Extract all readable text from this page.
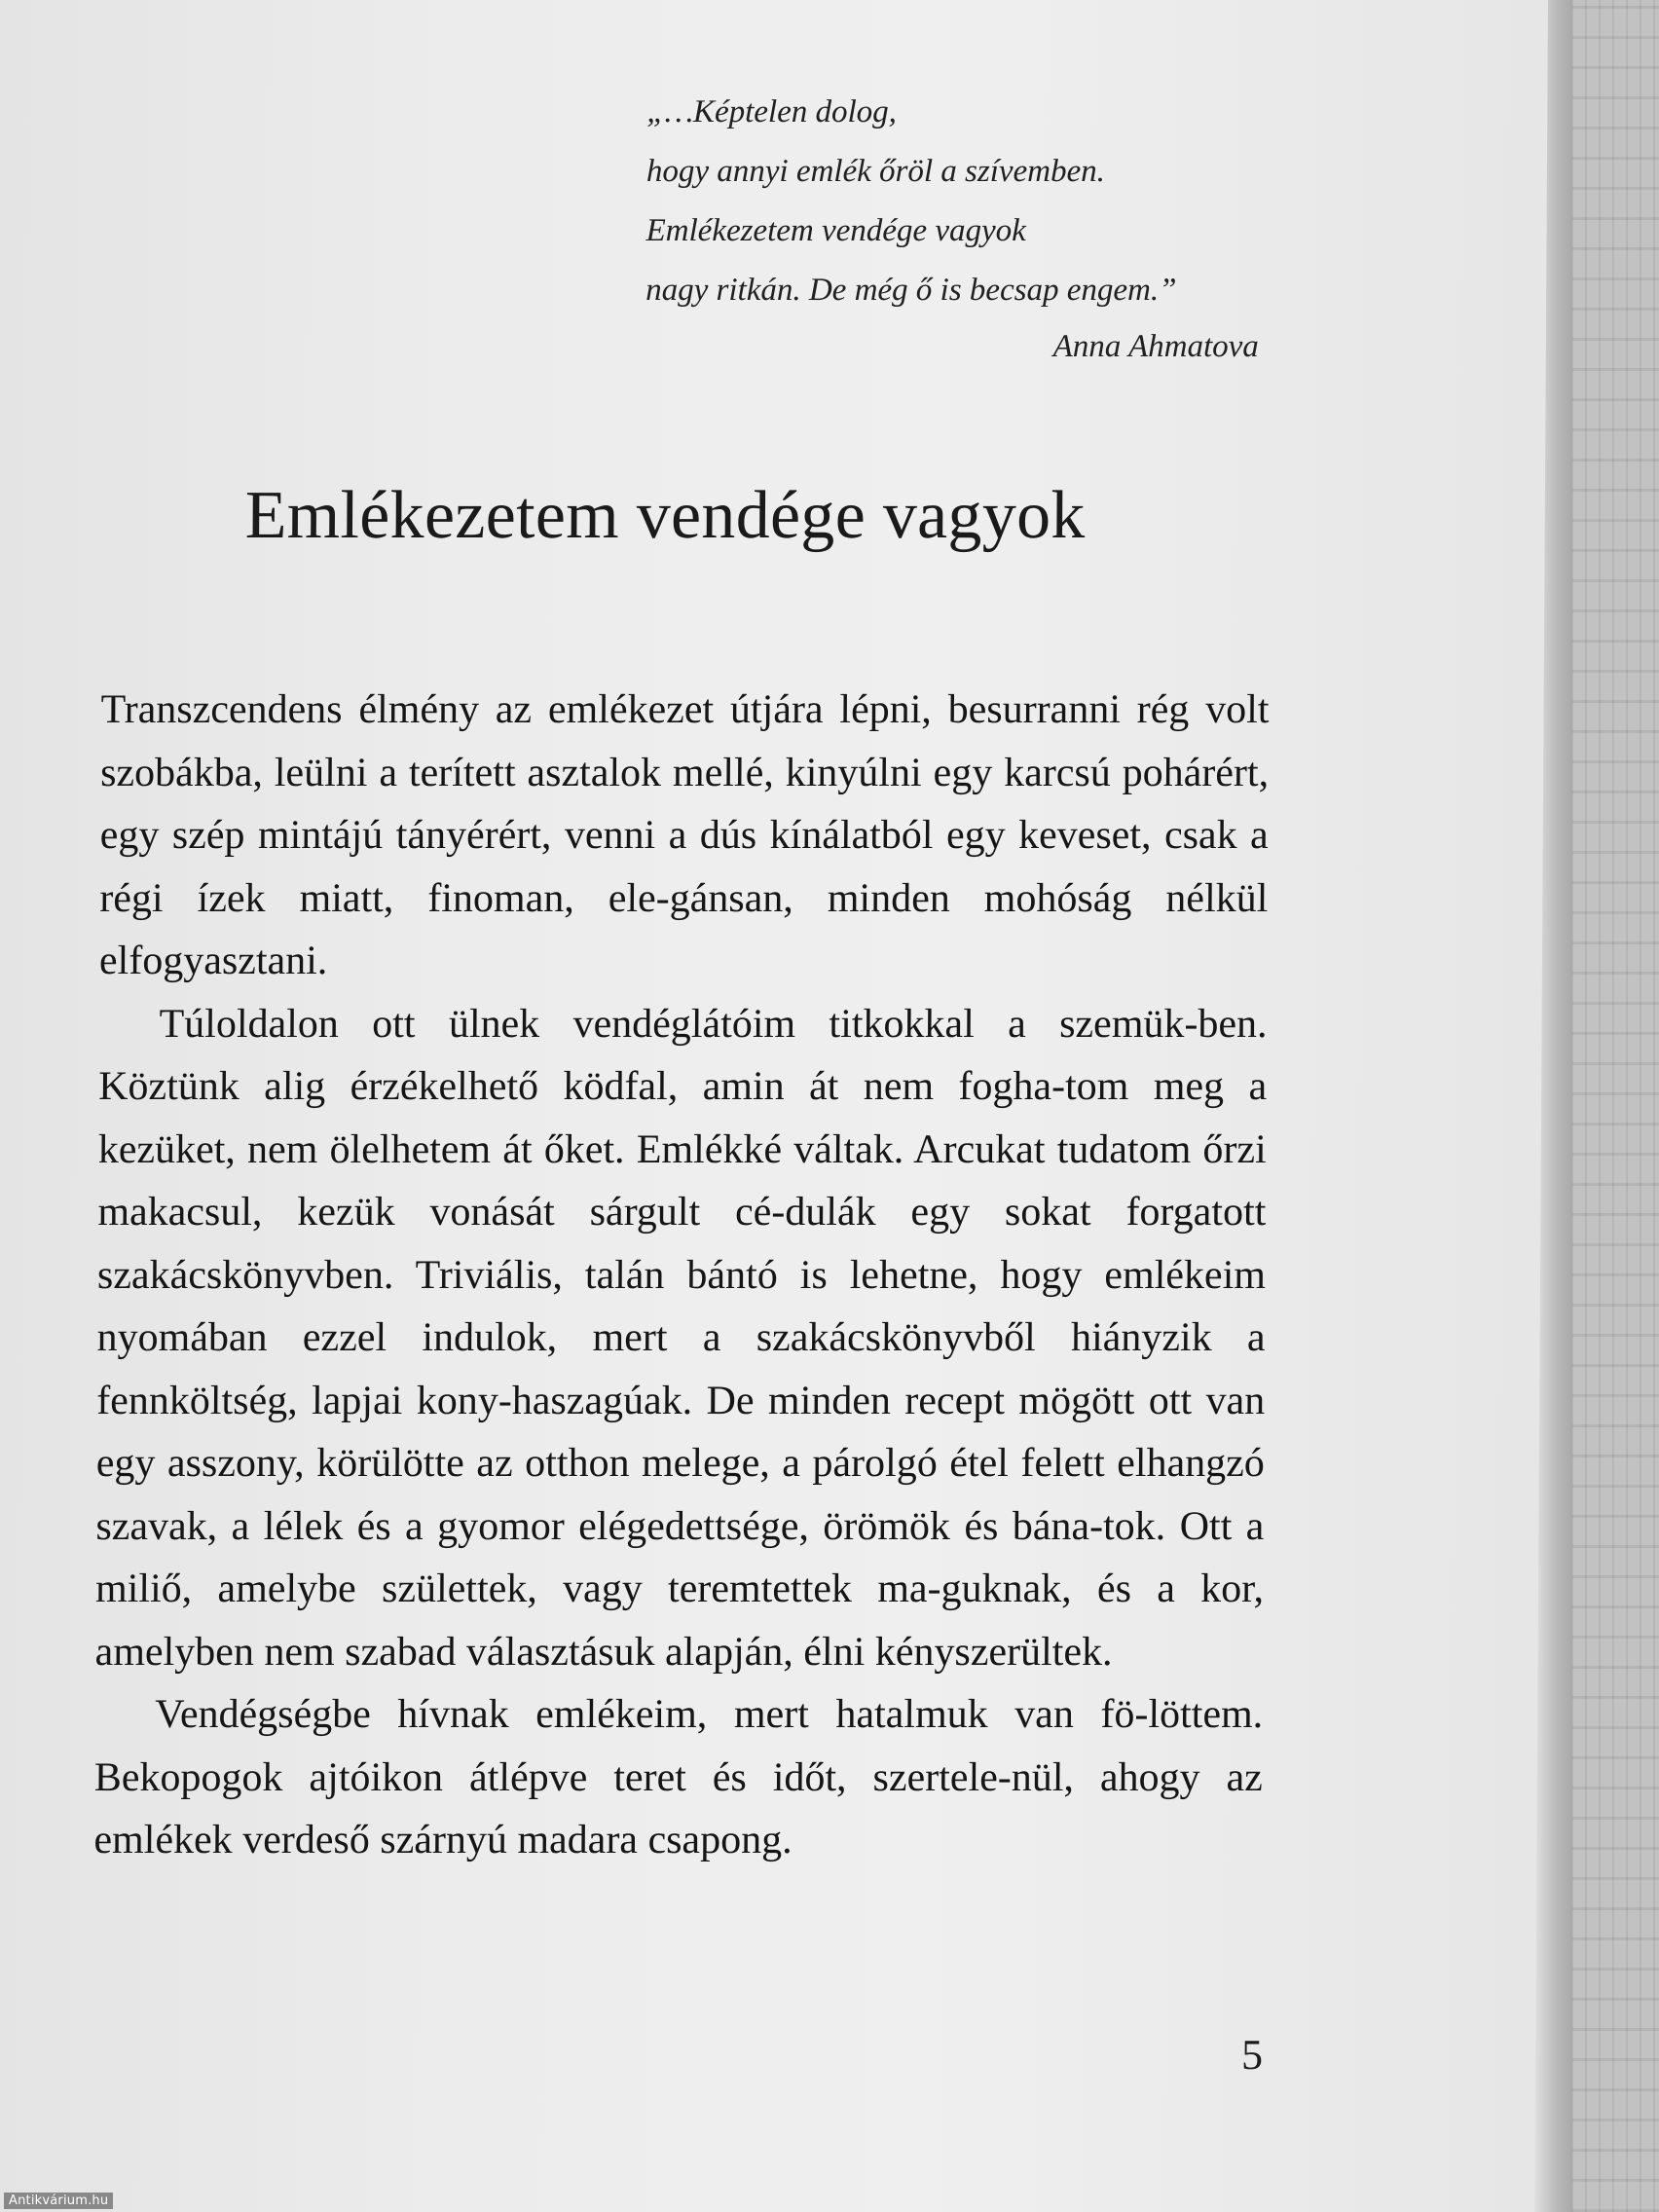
„…Képtelen dolog,
hogy annyi emlék őröl a szívemben.
Emlékezetem vendége vagyok
nagy ritkán. De még ő is becsap engem.”
Anna Ahmatova
Emlékezetem vendége vagyok

Transzcendens élmény az emlékezet útjára lépni, besurranni rég volt szobákba, leülni a terített asztalok mellé, kinyúlni egy karcsú pohárért, egy szép mintájú tányérért, venni a dús kínálatból egy keveset, csak a régi ízek miatt, finoman, ele-gánsan, minden mohóság nélkül elfogyasztani.

Túloldalon ott ülnek vendéglátóim titkokkal a szemük-ben. Köztünk alig érzékelhető ködfal, amin át nem fogha-tom meg a kezüket, nem ölelhetem át őket. Emlékké váltak. Arcukat tudatom őrzi makacsul, kezük vonását sárgult cé-dulák egy sokat forgatott szakácskönyvben. Triviális, talán bántó is lehetne, hogy emlékeim nyomában ezzel indulok, mert a szakácskönyvből hiányzik a fennköltség, lapjai kony-haszagúak. De minden recept mögött ott van egy asszony, körülötte az otthon melege, a párolgó étel felett elhangzó szavak, a lélek és a gyomor elégedettsége, örömök és bána-tok. Ott a miliő, amelybe születtek, vagy teremtettek ma-guknak, és a kor, amelyben nem szabad választásuk alapján, élni kényszerültek.

Vendégségbe hívnak emlékeim, mert hatalmuk van fö-löttem. Bekopogok ajtóikon átlépve teret és időt, szertele-nül, ahogy az emlékek verdeső szárnyú madara csapong.

5
Antikvárium.hu
